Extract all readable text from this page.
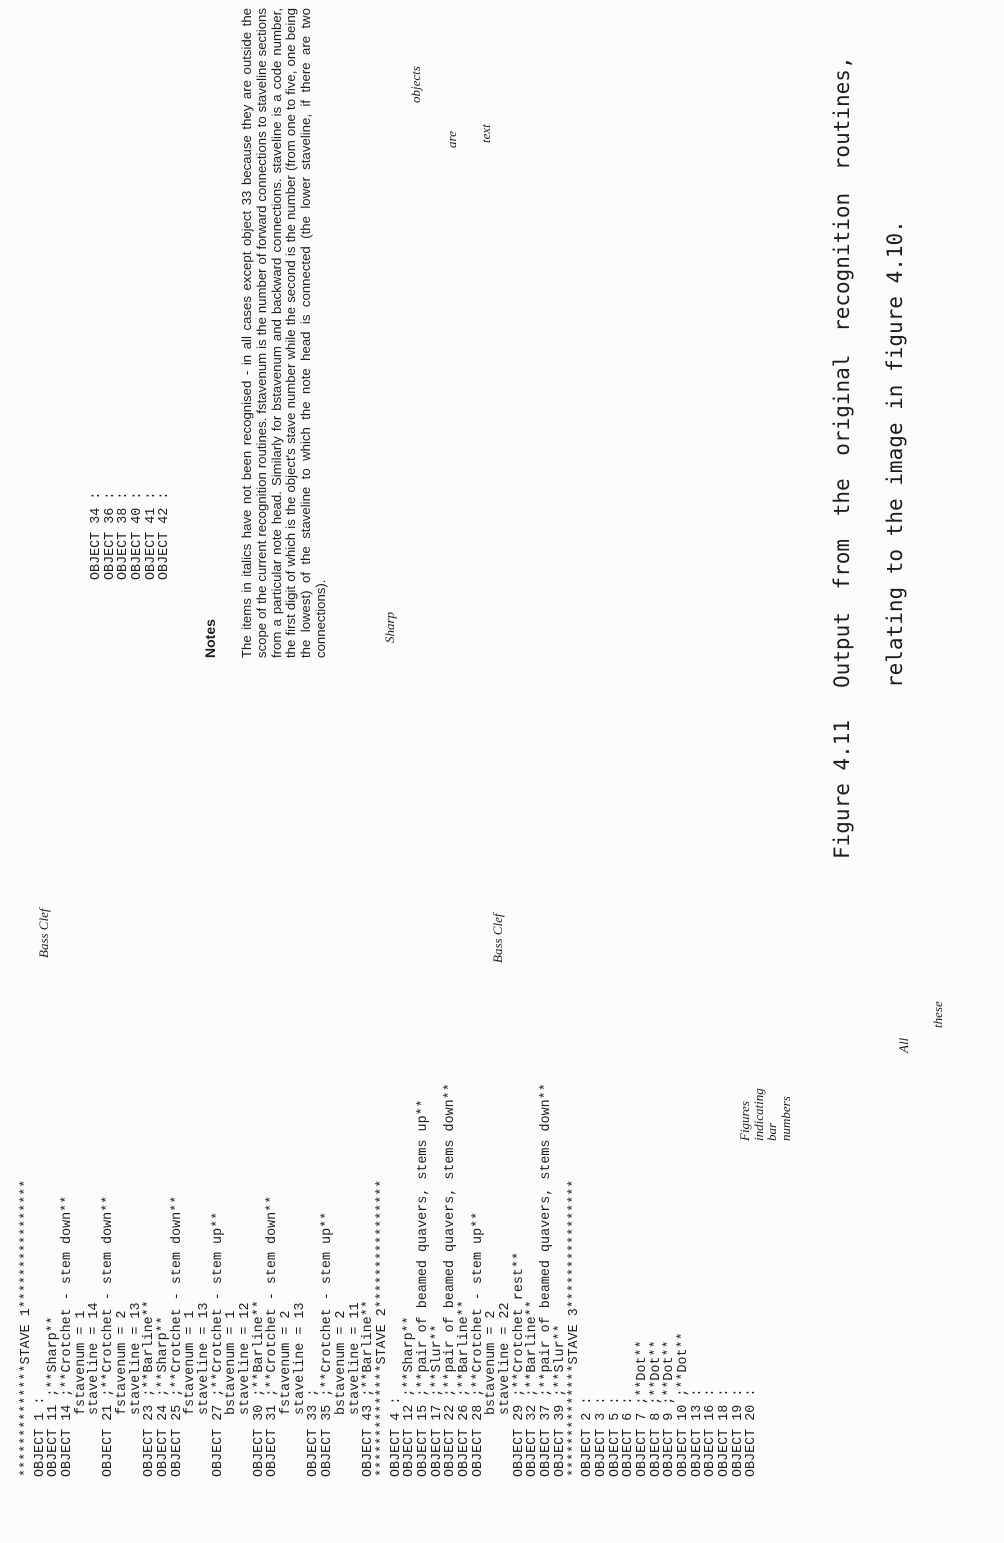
**************STAVE 1****************
OBJECT 1 :
OBJECT 11 ;**Sharp**
OBJECT 14 ;**Crotchet - stem down**
fstavenum = 1
staveline = 14
OBJECT 21 ;**Crotchet - stem down**
fstavenum = 2
staveline = 13
OBJECT 23 ;**Barline**
OBJECT 24 ;**Sharp**
OBJECT 25 ;**Crotchet - stem down**
fstavenum = 1
staveline = 13
OBJECT 27 ;**Crotchet - stem up**
bstavenum = 1
staveline = 12
OBJECT 30 ;**Barline**
OBJECT 31 ;**Crotchet - stem down**
fstavenum = 2
staveline = 13
OBJECT 33 ;
OBJECT 35 ;**Crotchet - stem up**
bstavenum = 2
staveline = 11
OBJECT 43 ;**Barline**
**************STAVE 2****************
OBJECT 4 :
OBJECT 12 ;**Sharp**
OBJECT 15 ;**pair of beamed quavers, stems up**
OBJECT 17 ;**Slur**
OBJECT 22 ;**pair of beamed quavers, stems down**
OBJECT 26 ;**Barline**
OBJECT 28 ;**Crotchet - stem up**
bstavenum = 2
staveline = 22
OBJECT 29 ;**Crotchet rest**
OBJECT 32 ;**Barline**
OBJECT 37 ;**pair of beamed quavers, stems down**
OBJECT 39 ;**Slur**
**************STAVE 3****************
OBJECT 2 :
OBJECT 3 :
OBJECT 5 :
OBJECT 6 :
OBJECT 7 ;**Dot**
OBJECT 8 ;**Dot**
OBJECT 9 ;**Dot**
OBJECT 10 ;**Dot**
OBJECT 13 :
OBJECT 16 :
OBJECT 18 :
OBJECT 19 :
OBJECT 20 :
Bass Clef
Sharp
Bass Clef
Figures
indicating
bar
numbers
All
these
OBJECT 34 :
OBJECT 36 :
OBJECT 38 :
OBJECT 40 :
OBJECT 41 :
OBJECT 42 :
objects
are text
Notes The items in italics have not been recognised - in all cases except object 33 because they are outside the scope of the current recognition routines. fstavenum is the number of forward connections to staveline sections from a particular note head. Similarly for bstavenum and backward connections. staveline is a code number, the first digit of which is the object's stave number while the second is the number (from one to five, one being the lowest) of the staveline to which the note head is connected (the lower staveline, if there are two connections).
Figure 4.11
Output from the original recognition routines, relating to the image in figure 4.10.
